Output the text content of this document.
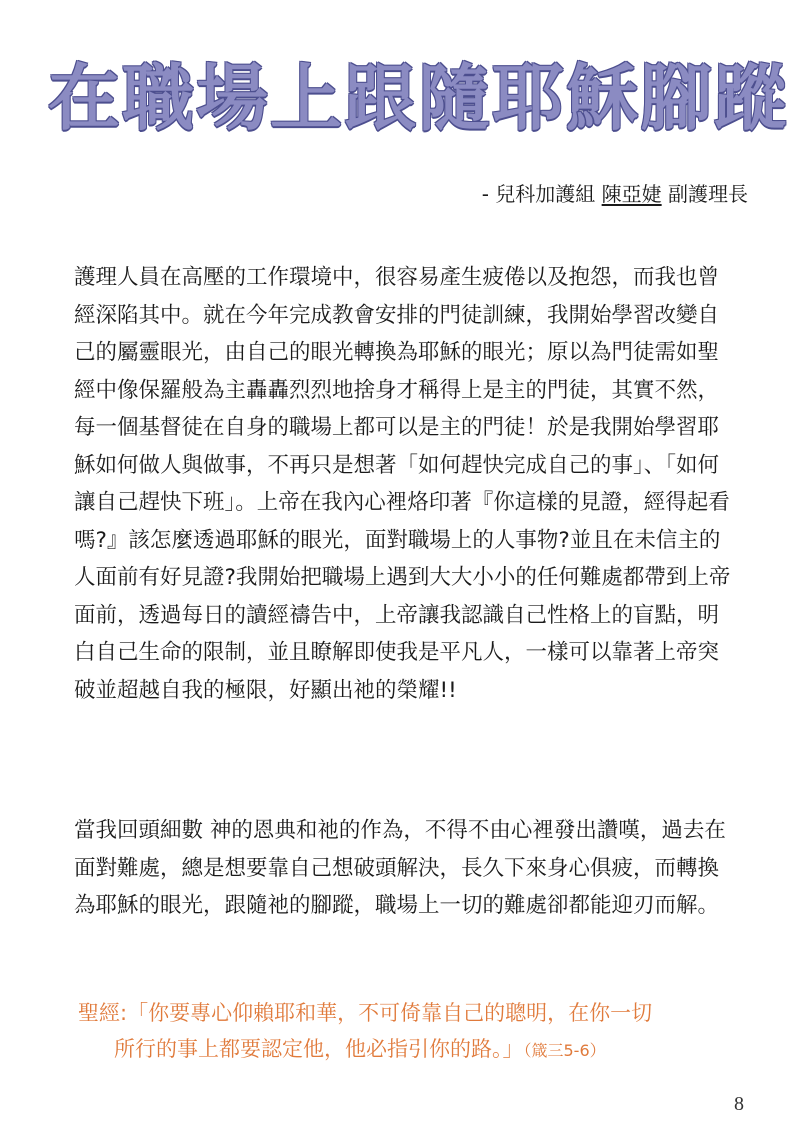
在職場上跟隨耶穌腳蹤
- 兒科加護組 陳亞婕 副護理長

護理人員在高壓的工作環境中，很容易產生疲倦以及抱怨，而我也曾經深陷其中。就在今年完成教會安排的門徒訓練，我開始學習改變自己的屬靈眼光，由自己的眼光轉換為耶穌的眼光；原以為門徒需如聖經中像保羅般為主轟轟烈烈地捨身才稱得上是主的門徒，其實不然，每一個基督徒在自身的職場上都可以是主的門徒！於是我開始學習耶穌如何做人與做事，不再只是想著「如何趕快完成自己的事」、「如何讓自己趕快下班」。上帝在我內心裡烙印著『你這樣的見證，經得起看嗎?』該怎麼透過耶穌的眼光，面對職場上的人事物?並且在未信主的人面前有好見證?我開始把職場上遇到大大小小的任何難處都帶到上帝面前，透過每日的讀經禱告中，上帝讓我認識自己性格上的盲點，明白自己生命的限制，並且瞭解即使我是平凡人，一樣可以靠著上帝突破並超越自我的極限，好顯出祂的榮耀!!

當我回頭細數 神的恩典和祂的作為，不得不由心裡發出讚嘆，過去在面對難處，總是想要靠自己想破頭解決，長久下來身心俱疲，而轉換為耶穌的眼光，跟隨祂的腳蹤，職場上一切的難處卻都能迎刃而解。

聖經:「你要專心仰賴耶和華，不可倚靠自己的聰明，在你一切
所行的事上都要認定他，他必指引你的路。」（箴三5-6）
8
